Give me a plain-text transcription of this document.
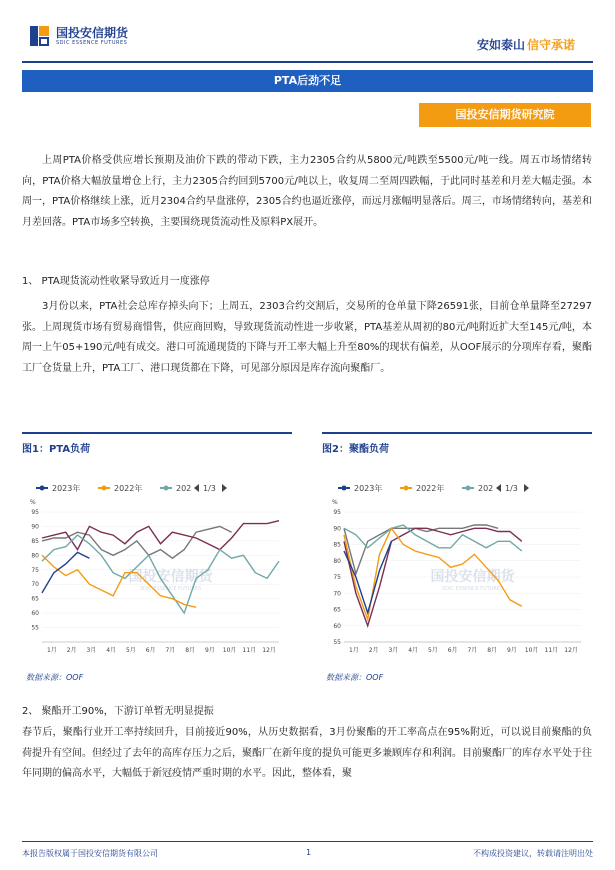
国投安信期货
SDIC ESSENCE FUTURES	安如泰山 信守承诺
PTA后劲不足
国投安信期货研究院
上周PTA价格受供应增长预期及油价下跌的带动下跌，主力2305合约从5800元/吨跌至5500元/吨一线。周五市场情绪转向，PTA价格大幅放量增仓上行，主力2305合约回到5700元/吨以上，收复周二至周四跌幅，于此同时基差和月差大幅走强。本周一，PTA价格继续上涨，近月2304合约早盘涨停，2305合约也逼近涨停，而远月涨幅明显落后。周三，市场情绪转向，基差和月差回落。PTA市场多空转换，主要围绕现货流动性及原料PX展开。
1、 PTA现货流动性收紧导致近月一度涨停
3月份以来，PTA社会总库存掉头向下；上周五，2303合约交割后，交易所的仓单量下降26591张，目前仓单量降至27297张。上周现货市场有贸易商惜售，供应商回购，导致现货流动性进一步收紧，PTA基差从周初的80元/吨附近扩大至145元/吨，本周一上午05+190元/吨有成交。港口可流通现货的下降与开工率大幅上升至80%的现状有偏差，从OOF展示的分项库存看，聚酯工厂仓货量上升，PTA工厂、港口现货都在下降，可见部分原因是库存流向聚酯厂。
图1：PTA负荷
2023年	2022年	202 1/3
%
55
60
65
70
75
80
85
90
95
1月 2月 3月 4月 5月 6月 7月 8月 9月 10月 11月 12月
国投安信期货
SDIC ESSENCE FUTURES
数据来源：OOF
图2：聚酯负荷
2023年	2022年	202 1/3
%
55
60
65
70
75
80
85
90
95
1月 2月 3月 4月 5月 6月 7月 8月 9月 10月 11月 12月
国投安信期货
SDIC ESSENCE FUTURES
数据来源：OOF
2、 聚酯开工90%，下游订单暂无明显提振
春节后，聚酯行业开工率持续回升，目前接近90%，从历史数据看，3月份聚酯的开工率高点在95%附近，可以说目前聚酯的负荷提升有空间。但经过了去年的高库存压力之后，聚酯厂在新年度的提负可能更多兼顾库存和利润。目前聚酯厂的库存水平处于往年同期的偏高水平，大幅低于新冠疫情严重时期的水平。因此，整体看，聚
本报告版权属于国投安信期货有限公司	1	不构成投资建议，转载请注明出处
